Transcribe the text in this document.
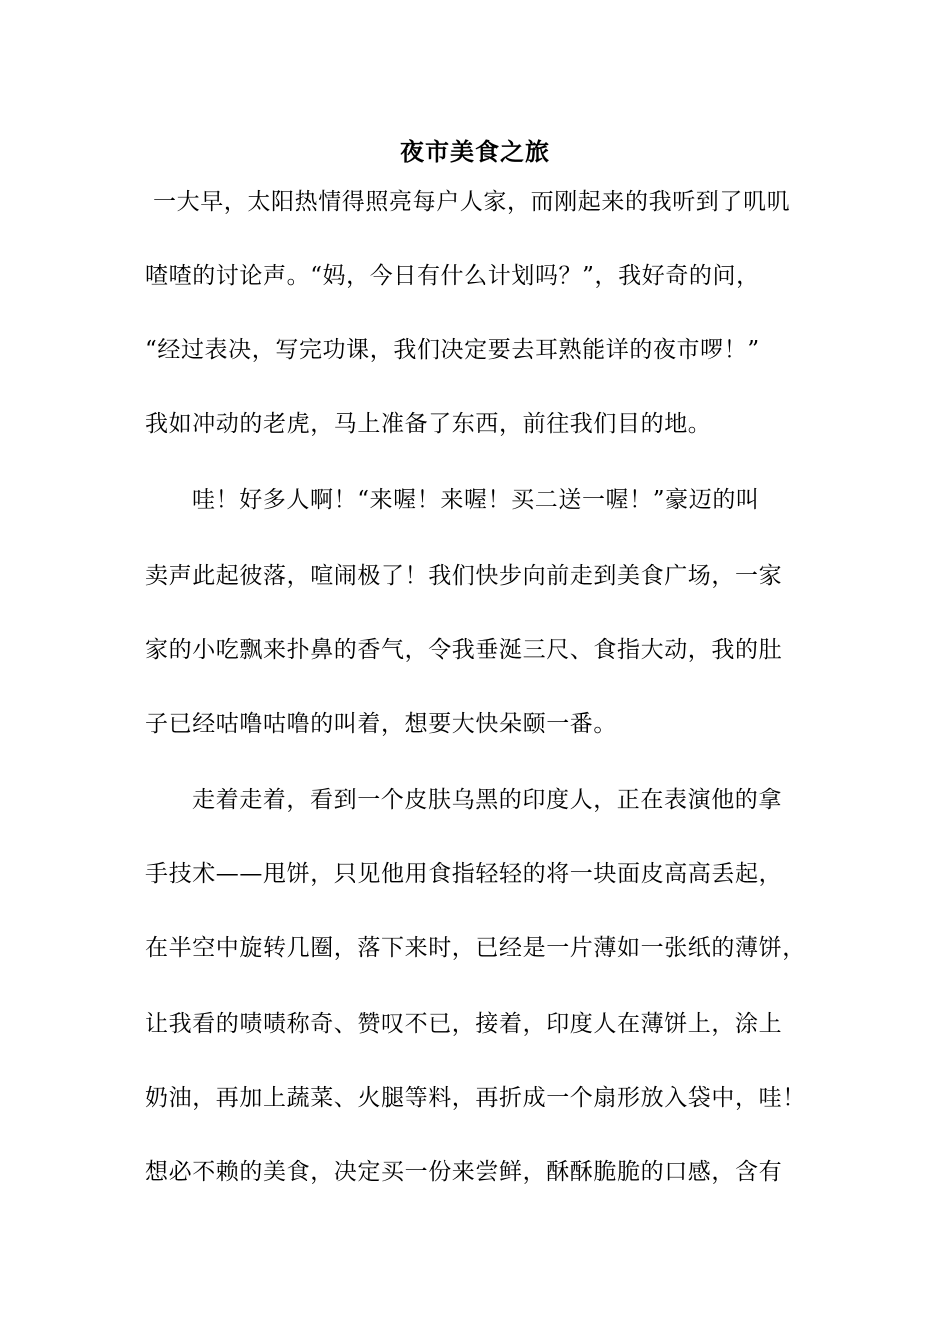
夜市美食之旅
一大早，太阳热情得照亮每户人家，而刚起来的我听到了叽叽
喳喳的讨论声。“妈，今日有什么计划吗？”，我好奇的问，
“经过表决，写完功课，我们决定要去耳熟能详的夜市啰！”
我如冲动的老虎，马上准备了东西，前往我们目的地。
哇！好多人啊！“来喔！来喔！买二送一喔！”豪迈的叫
卖声此起彼落，喧闹极了！我们快步向前走到美食广场，一家
家的小吃飘来扑鼻的香气，令我垂涎三尺、食指大动，我的肚
子已经咕噜咕噜的叫着，想要大快朵颐一番。
走着走着，看到一个皮肤乌黑的印度人，正在表演他的拿
手技术——甩饼，只见他用食指轻轻的将一块面皮高高丢起，
在半空中旋转几圈，落下来时，已经是一片薄如一张纸的薄饼，
让我看的啧啧称奇、赞叹不已，接着，印度人在薄饼上，涂上
奶油，再加上蔬菜、火腿等料，再折成一个扇形放入袋中，哇！
想必不赖的美食，决定买一份来尝鲜，酥酥脆脆的口感，含有
